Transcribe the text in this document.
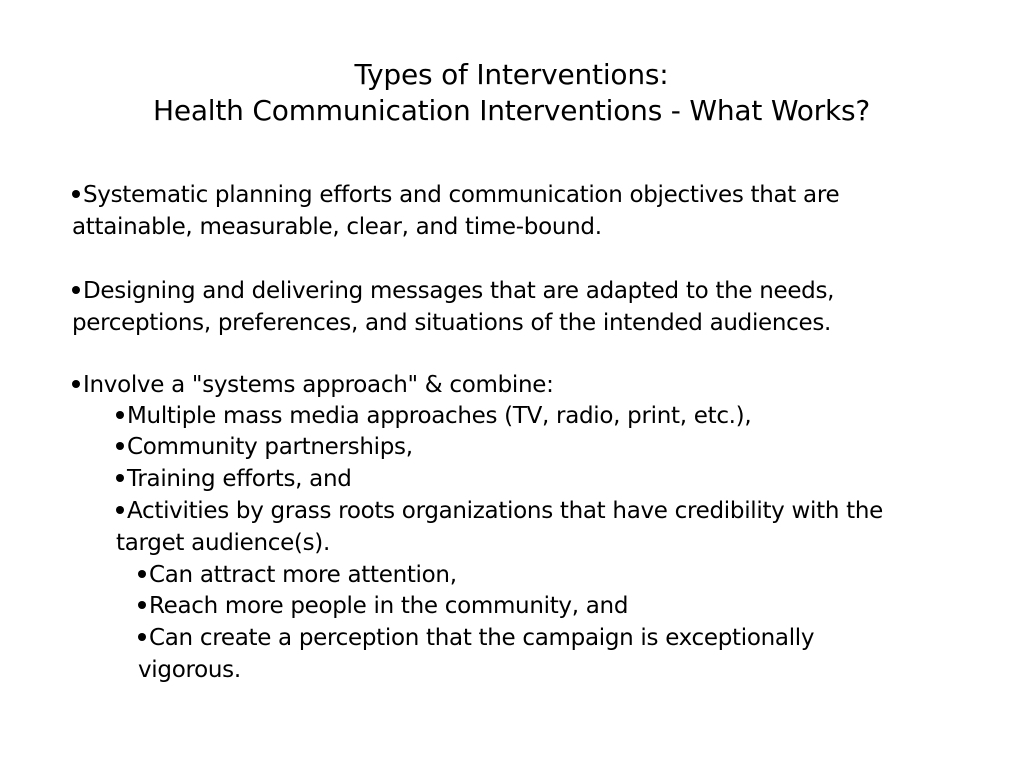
Types of Interventions:
Health Communication Interventions - What Works?
Systematic planning efforts and communication objectives that are
attainable, measurable, clear, and time-bound.
Designing and delivering messages that are adapted to the needs,
perceptions, preferences, and situations of the intended audiences.
Involve a "systems approach" & combine:
Multiple mass media approaches (TV, radio, print, etc.),
Community partnerships,
Training efforts, and
Activities by grass roots organizations that have credibility with the
target audience(s).
Can attract more attention,
Reach more people in the community, and
Can create a perception that the campaign is exceptionally
vigorous.
